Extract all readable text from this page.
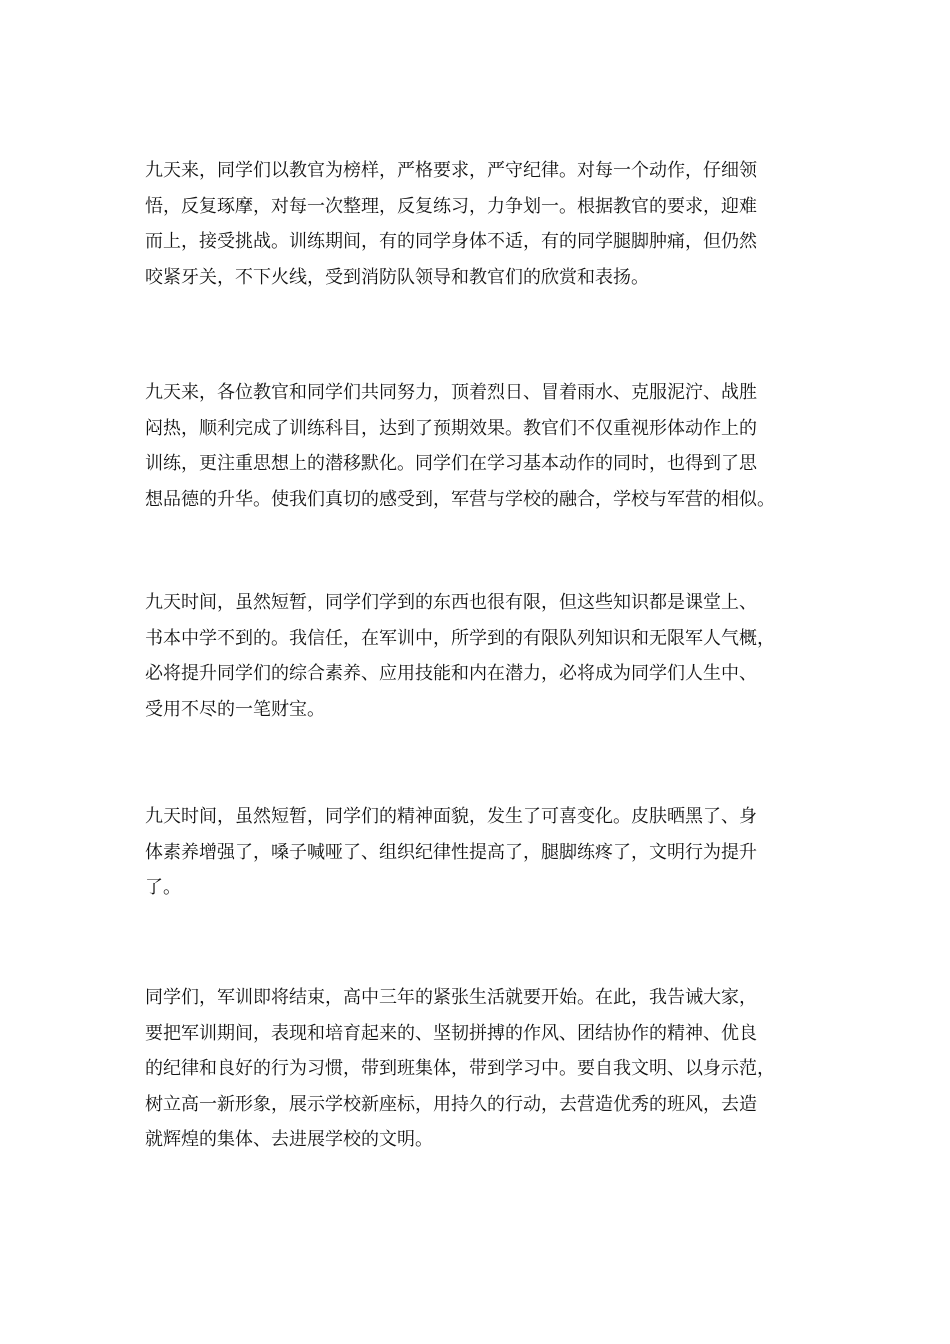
九天来，同学们以教官为榜样，严格要求，严守纪律。对每一个动作，仔细领
悟，反复琢摩，对每一次整理，反复练习，力争划一。根据教官的要求，迎难
而上，接受挑战。训练期间，有的同学身体不适，有的同学腿脚肿痛，但仍然
咬紧牙关，不下火线，受到消防队领导和教官们的欣赏和表扬。

九天来，各位教官和同学们共同努力，顶着烈日、冒着雨水、克服泥泞、战胜
闷热，顺利完成了训练科目，达到了预期效果。教官们不仅重视形体动作上的
训练，更注重思想上的潜移默化。同学们在学习基本动作的同时，也得到了思
想品德的升华。使我们真切的感受到，军营与学校的融合，学校与军营的相似。

九天时间，虽然短暂，同学们学到的东西也很有限，但这些知识都是课堂上、
书本中学不到的。我信任，在军训中，所学到的有限队列知识和无限军人气概，
必将提升同学们的综合素养、应用技能和内在潜力，必将成为同学们人生中、
受用不尽的一笔财宝。

九天时间，虽然短暂，同学们的精神面貌，发生了可喜变化。皮肤晒黑了、身
体素养增强了，嗓子喊哑了、组织纪律性提高了，腿脚练疼了，文明行为提升
了。

同学们，军训即将结束，高中三年的紧张生活就要开始。在此，我告诫大家，
要把军训期间，表现和培育起来的、坚韧拼搏的作风、团结协作的精神、优良
的纪律和良好的行为习惯，带到班集体，带到学习中。要自我文明、以身示范，
树立高一新形象，展示学校新座标，用持久的行动，去营造优秀的班风，去造
就辉煌的集体、去进展学校的文明。
